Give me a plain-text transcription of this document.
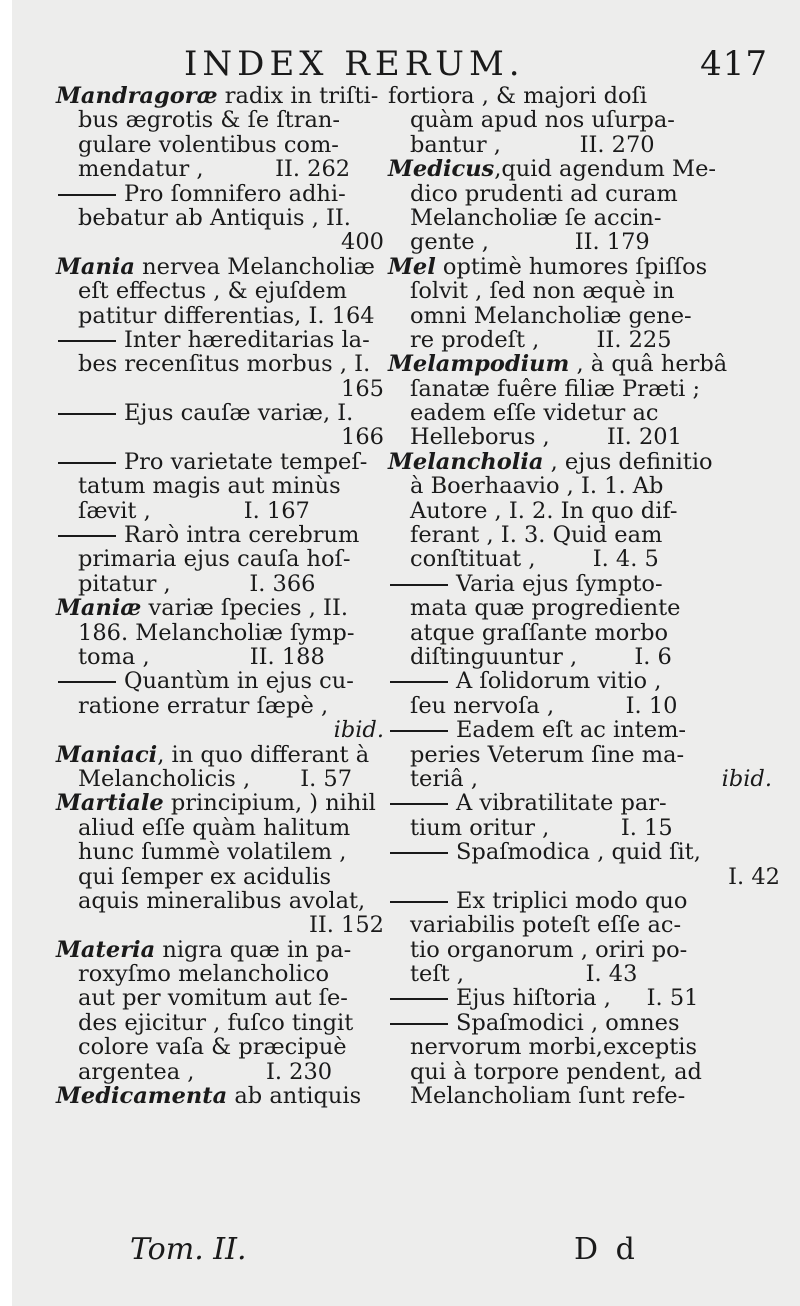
INDEX RERUM.	417
Mandragoræ radix in triſti-
bus ægrotis & ſe ſtran-
gulare volentibus com-
mendatur ,          II. 262
Pro ſomnifero adhi-
bebatur ab Antiquis , II.
400
Mania nervea Melancholiæ
eſt effectus , & ejuſdem
patitur differentias, I. 164
Inter hæreditarias la-
bes recenſitus morbus , I.
165
Ejus cauſæ variæ, I.
166
Pro varietate tempeſ-
tatum magis aut minùs
ſævit ,             I. 167
Rarò intra cerebrum
primaria ejus cauſa hoſ-
pitatur ,           I. 366
Maniæ variæ ſpecies , II.
186. Melancholiæ ſymp-
toma ,              II. 188
Quantùm in ejus cu-
ratione erratur ſæpè ,
ibid.
Maniaci, in quo differant à
Melancholicis ,       I. 57
Martiale principium, ) nihil
aliud eſſe quàm halitum
hunc ſummè volatilem ,
qui ſemper ex acidulis
aquis mineralibus avolat,
II. 152
Materia nigra quæ in pa-
roxyſmo melancholico
aut per vomitum aut ſe-
des ejicitur , fuſco tingit
colore vaſa & præcipuè
argentea ,          I. 230
Medicamenta ab antiquis
fortiora , & majori doſi
quàm apud nos uſurpa-
bantur ,           II. 270
Medicus,quid agendum Me-
dico prudenti ad curam
Melancholiæ ſe accin-
gente ,            II. 179
Mel optimè humores ſpiſſos
ſolvit , ſed non æquè in
omni Melancholiæ gene-
re prodeſt ,        II. 225
Melampodium , à quâ herbâ
ſanatæ fuêre filiæ Præti ;
eadem eſſe videtur ac
Helleborus ,        II. 201
Melancholia , ejus definitio
à Boerhaavio , I. 1. Ab
Autore , I. 2. In quo dif-
ferant , I. 3. Quid eam
conſtituat ,        I. 4. 5
Varia ejus ſympto-
mata quæ progrediente
atque graſſante morbo
diſtinguuntur ,        I. 6
A ſolidorum vitio ,
ſeu nervoſa ,          I. 10
Eadem eſt ac intem-
peries Veterum ſine ma-
teriâ ,	ibid.
A vibratilitate par-
tium oritur ,          I. 15
Spaſmodica , quid ſit,
I. 42
Ex triplici modo quo
variabilis poteſt eſſe ac-
tio organorum , oriri po-
teſt ,                 I. 43
Ejus hiſtoria ,     I. 51
Spaſmodici , omnes
nervorum morbi,exceptis
qui à torpore pendent, ad
Melancholiam ſunt refe-
Tom. II.	D d
